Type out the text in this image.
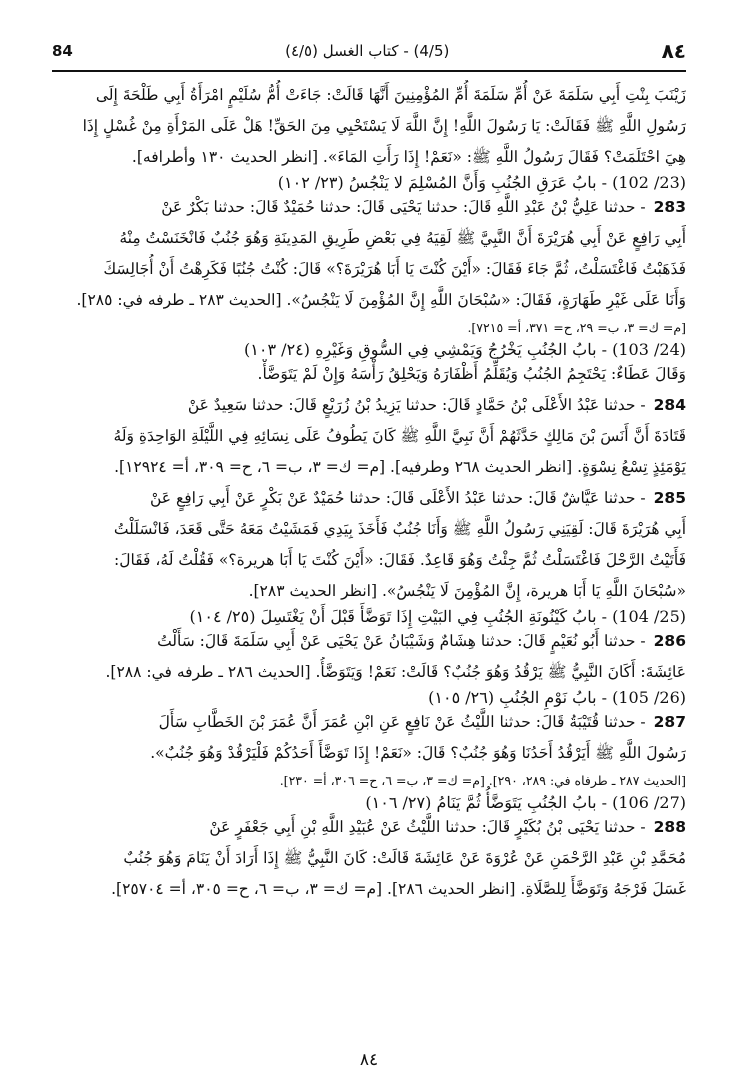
٨٤
(4/5) - كتاب الغسل (٤/٥)
84
زَيْنَبَ بِنْتِ أَبِي سَلَمَةَ عَنْ أُمِّ سَلَمَةَ أُمِّ المُؤْمِنِينَ أَنَّهَا قَالَتْ: جَاءَتْ أُمُّ سُلَيْمٍ امْرَأَةُ أَبِي طَلْحَةَ إِلَى
رَسُولِ اللَّهِ ﷺ فَقَالَتْ: يَا رَسُولَ اللَّهِ! إِنَّ اللَّهَ لَا يَسْتَحْيِي مِنَ الحَقِّ! هَلْ عَلَى المَرْأَةِ مِنْ غُسْلٍ إِذَا
هِيَ احْتَلَمَتْ؟ فَقَالَ رَسُولُ اللَّهِ ﷺ: «نَعَمْ! إِذَا رَأَتِ المَاءَ». [انظر الحديث ١٣٠ وأطرافه].
(23/ 102) - بابُ عَرَقِ الجُنُبِ وَأَنَّ المُسْلِمَ لا يَنْجُسُ (٢٣/ ١٠٢)
283- حدثنا عَلِيُّ بْنُ عَبْدِ اللَّهِ قَالَ: حدثنا يَحْيَى قَالَ: حدثنا حُمَيْدٌ قَالَ: حدثنا بَكْرٌ عَنْ
أَبِي رَافِعٍ عَنْ أَبِي هُرَيْرَةَ أَنَّ النَّبِيَّ ﷺ لَقِيَهُ فِي بَعْضِ طَرِيقِ المَدِينَةِ وَهُوَ جُنُبٌ فَانْخَنَسْتُ مِنْهُ
فَذَهَبْتُ فَاغْتَسَلْتُ، ثُمَّ جَاءَ فَقَالَ: «أَيْنَ كُنْتَ يَا أَبَا هُرَيْرَةَ؟» قَالَ: كُنْتُ جُنُبًا فَكَرِهْتُ أَنْ أُجَالِسَكَ
وَأَنَا عَلَى غَيْرِ طَهَارَةٍ، فَقَالَ: «سُبْحَانَ اللَّهِ إِنَّ المُؤْمِنَ لَا يَنْجُسُ». [الحديث ٢٨٣ ـ طرفه في: ٢٨٥].
[م= ك= ٣، ب= ٢٩، ح= ٣٧١، أ= ٧٢١٥].
(24/ 103) - بابُ الجُنُبِ يَخْرُجُ وَيَمْشِي فِي السُّوقِ وَغَيْرِهِ (٢٤/ ١٠٣)
وَقَالَ عَطَاءٌ: يَحْتَجِمُ الجُنُبُ وَيُقَلِّمُ أَظْفَارَهُ وَيَحْلِقُ رَأْسَهُ وَإِنْ لَمْ يَتَوَضَّأْ.
284- حدثنا عَبْدُ الأَعْلَى بْنُ حَمَّادٍ قَالَ: حدثنا يَزِيدُ بْنُ زُرَيْعٍ قَالَ: حدثنا سَعِيدٌ عَنْ
قَتَادَةَ أَنَّ أَنَسَ بْنَ مَالِكٍ حَدَّثَهُمْ أَنَّ نَبِيَّ اللَّهِ ﷺ كَانَ يَطُوفُ عَلَى نِسَائِهِ فِي اللَّيْلَةِ الوَاحِدَةِ وَلَهُ
يَوْمَئِذٍ تِسْعُ نِسْوَةٍ. [انظر الحديث ٢٦٨ وطرفيه]. [م= ك= ٣، ب= ٦، ح= ٣٠٩، أ= ١٢٩٢٤].
285- حدثنا عَيَّاشٌ قَالَ: حدثنا عَبْدُ الأَعْلَى قَالَ: حدثنا حُمَيْدٌ عَنْ بَكْرٍ عَنْ أَبِي رَافِعٍ عَنْ
أَبِي هُرَيْرَةَ قَالَ: لَقِيَنِي رَسُولُ اللَّهِ ﷺ وَأَنَا جُنُبٌ فَأَخَذَ بِيَدِي فَمَشَيْتُ مَعَهُ حَتَّى قَعَدَ، فَانْسَلَلْتُ
فَأَتَيْتُ الرَّحْلَ فَاغْتَسَلْتُ ثُمَّ جِئْتُ وَهُوَ قَاعِدٌ. فَقَالَ: «أَيْنَ كُنْتَ يَا أَبَا هريرة؟» فَقُلْتُ لَهُ، فَقَالَ:
«سُبْحَانَ اللَّهِ يَا أَبَا هريرة، إِنَّ المُؤْمِنَ لَا يَنْجُسُ». [انظر الحديث ٢٨٣].
(25/ 104) - بابُ كَيْنُونَةِ الجُنُبِ فِي البَيْتِ إِذَا تَوَضَّأَ قَبْلَ أَنْ يَغْتَسِلَ (٢٥/ ١٠٤)
286- حدثنا أَبُو نُعَيْمٍ قَالَ: حدثنا هِشَامٌ وَشَيْبَانُ عَنْ يَحْيَى عَنْ أَبِي سَلَمَةَ قَالَ: سَأَلْتُ
عَائِشَةَ: أَكَانَ النَّبِيُّ ﷺ يَرْقُدُ وَهُوَ جُنُبٌ؟ قَالَتْ: نَعَمْ! وَيَتَوَضَّأُ. [الحديث ٢٨٦ ـ طرفه في: ٢٨٨].
(26/ 105) - بابُ نَوْمِ الجُنُبِ (٢٦/ ١٠٥)
287- حدثنا قُتَيْبَةُ قَالَ: حدثنا اللَّيْثُ عَنْ نَافِعٍ عَنِ ابْنِ عُمَرَ أَنَّ عُمَرَ بْنَ الخَطَّابِ سَأَلَ
رَسُولَ اللَّهِ ﷺ أَيَرْقُدُ أَحَدُنَا وَهُوَ جُنُبٌ؟ قَالَ: «نَعَمْ! إِذَا تَوَضَّأَ أَحَدُكُمْ فَلْيَرْقُدْ وَهُوَ جُنُبٌ».
[الحديث ٢٨٧ ـ طرفاه في: ٢٨٩، ٢٩٠]. [م= ك= ٣، ب= ٦، ح= ٣٠٦، أ= ٢٣٠].
(27/ 106) - بابُ الجُنُبِ يَتَوَضَّأُ ثُمَّ يَنَامُ (٢٧/ ١٠٦)
288- حدثنا يَحْيَى بْنُ بُكَيْرٍ قَالَ: حدثنا اللَّيْثُ عَنْ عُبَيْدِ اللَّهِ بْنِ أَبِي جَعْفَرٍ عَنْ
مُحَمَّدِ بْنِ عَبْدِ الرَّحْمَنِ عَنْ عُرْوَةَ عَنْ عَائِشَةَ قَالَتْ: كَانَ النَّبِيُّ ﷺ إِذَا أَرَادَ أَنْ يَنَامَ وَهُوَ جُنُبٌ
غَسَلَ فَرْجَهُ وَتَوَضَّأَ لِلصَّلَاةِ. [انظر الحديث ٢٨٦]. [م= ك= ٣، ب= ٦، ح= ٣٠٥، أ= ٢٥٧٠٤].
٨٤
